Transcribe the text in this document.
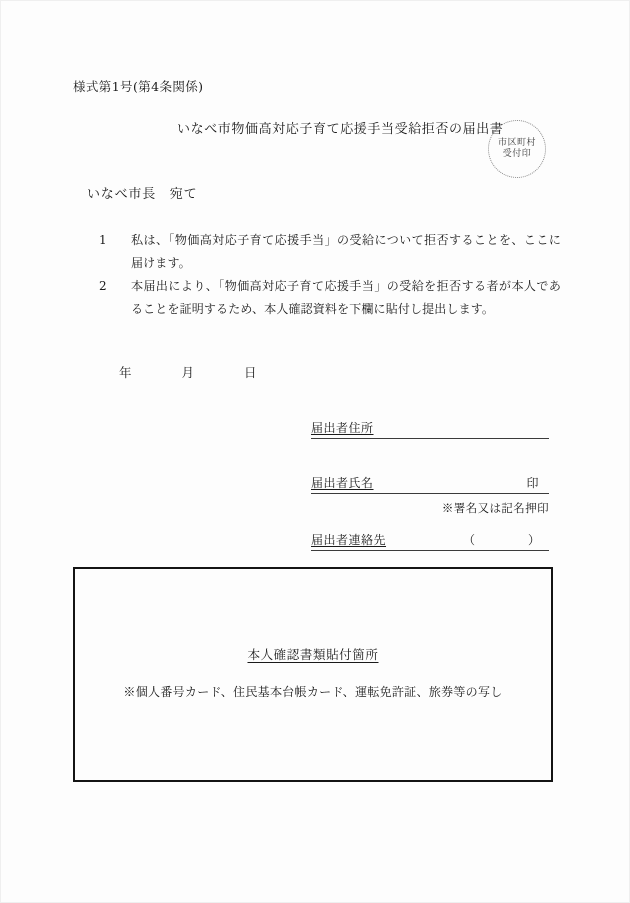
様式第1号(第4条関係)
いなべ市物価高対応子育て応援手当受給拒否の届出書
市区町村
受付印
いなべ市長　宛て
1	私は、「物価高対応子育て応援手当」の受給について拒否することを、ここに届けます。
2	本届出により、「物価高対応子育て応援手当」の受給を拒否する者が本人であることを証明するため、本人確認資料を下欄に貼付し提出します。
年	月	日
届出者住所
届出者氏名	印
※署名又は記名押印
届出者連絡先	（　　　　）
本人確認書類貼付箇所
※個人番号カード、住民基本台帳カード、運転免許証、旅券等の写し
